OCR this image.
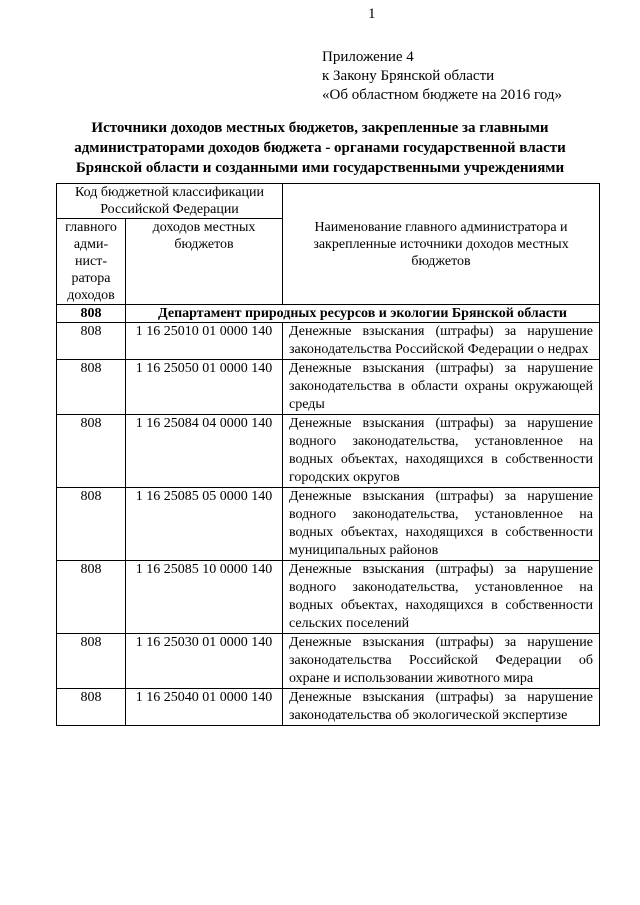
1
Приложение 4
к Закону Брянской области
«Об областном бюджете на 2016 год»
Источники доходов местных бюджетов, закрепленные за главными
администраторами доходов бюджета - органами государственной власти
Брянской области и созданными ими государственными учреждениями
Код бюджетной классификации Российской Федерации		Наименование главного администратора и закрепленные источники доходов местных бюджетов
главного адми-нист-ратора доходов	доходов местных бюджетов	
808	Департамент природных ресурсов и экологии Брянской области	
808	1 16 25010 01 0000 140	Денежные взыскания (штрафы) за нарушение законодательства Российской Федерации о недрах
808	1 16 25050 01 0000 140	Денежные взыскания (штрафы) за нарушение законодательства в области охраны окружающей среды
808	1 16 25084 04 0000 140	Денежные взыскания (штрафы) за нарушение водного законодательства, установленное на водных объектах, находящихся в собственности городских округов
808	1 16 25085 05 0000 140	Денежные взыскания (штрафы) за нарушение водного законодательства, установленное на водных объектах, находящихся в собственности муниципальных районов
808	1 16 25085 10 0000 140	Денежные взыскания (штрафы) за нарушение водного законодательства, установленное на водных объектах, находящихся в собственности сельских поселений
808	1 16 25030 01 0000 140	Денежные взыскания (штрафы) за нарушение законодательства Российской Федерации об охране и использовании животного мира
808	1 16 25040 01 0000 140	Денежные взыскания (штрафы) за нарушение законодательства об экологической экспертизе
